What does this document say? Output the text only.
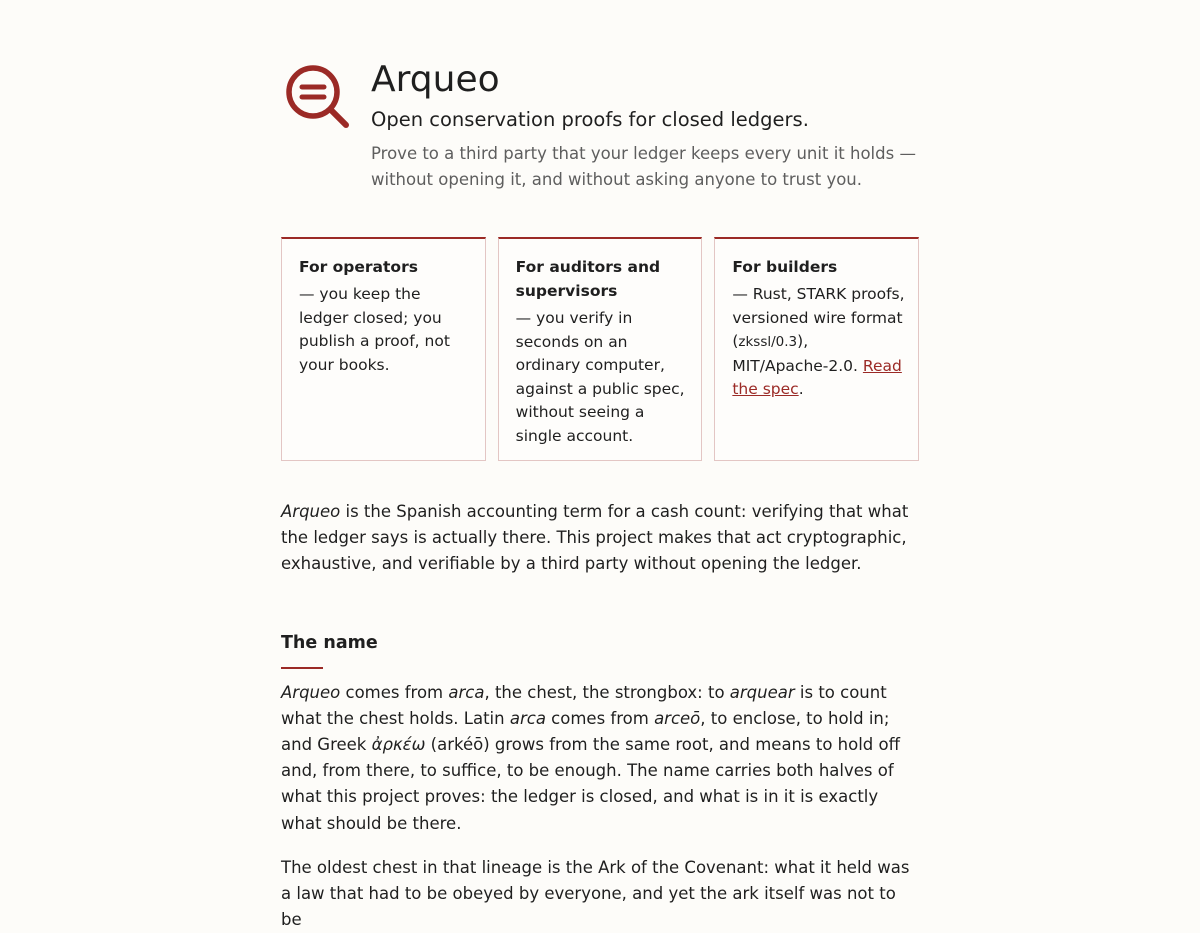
Arqueo

Open conservation proofs for closed ledgers.

Prove to a third party that your ledger keeps every unit it holds — without opening it, and without asking anyone to trust you.

For operators

— you keep the ledger closed; you publish a proof, not your books.

For auditors and supervisors

— you verify in seconds on an ordinary computer, against a public spec, without seeing a single account.

For builders

— Rust, STARK proofs, versioned wire format (zkssl/0.3), MIT/Apache-2.0. Read the spec.

Arqueo is the Spanish accounting term for a cash count: verifying that what the ledger says is actually there. This project makes that act cryptographic, exhaustive, and verifiable by a third party without opening the ledger.

The name

Arqueo comes from arca, the chest, the strongbox: to arquear is to count what the chest holds. Latin arca comes from arceō, to enclose, to hold in; and Greek ἀρκέω (arkéō) grows from the same root, and means to hold off and, from there, to suffice, to be enough. The name carries both halves of what this project proves: the ledger is closed, and what is in it is exactly what should be there.

The oldest chest in that lineage is the Ark of the Covenant: what it held was a law that had to be obeyed by everyone, and yet the ark itself was not to be
